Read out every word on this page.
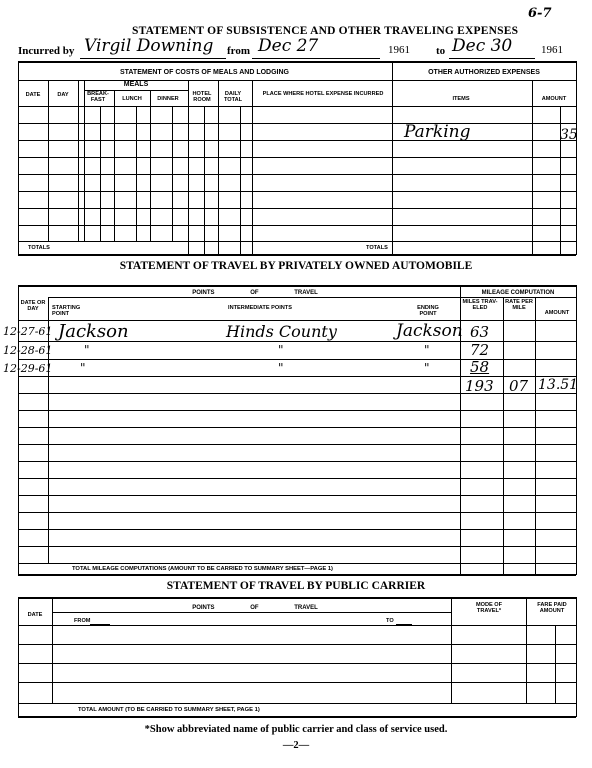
STATEMENT OF SUBSISTENCE AND OTHER TRAVELING EXPENSES
6-7
Incurred by Virgil Downing from Dec 27	1961 to Dec 30	1961
STATEMENT OF COSTS OF MEALS AND LODGING	OTHER AUTHORIZED EXPENSES
MEALS
DATE	DAY	BREAK-FAST	LUNCH	DINNER
HOTEL ROOM
DAILY TOTAL
PLACE WHERE HOTEL EXPENSE INCURRED
ITEMS	AMOUNT
TOTALS	TOTALS
Parking	35
STATEMENT OF TRAVEL BY PRIVATELY OWNED AUTOMOBILE
POINTS OF TRAVEL	MILEAGE COMPUTATION
DATE OR DAY	STARTING POINT
INTERMEDIATE POINTS	ENDING POINT
MILES TRAV-ELED
RATE PER MILE
AMOUNT
TOTAL MILEAGE COMPUTATIONS (AMOUNT TO BE CARRIED TO SUMMARY SHEET—PAGE 1)
12-27-61 Jackson	Hinds County	Jackson 63
12-28-61	"	"	"	72
12-29-61 "	"	"	58
193 07 13.51
STATEMENT OF TRAVEL BY PUBLIC CARRIER
DATE
POINTS OF TRAVEL
FROM	TO
MODE OF TRAVEL*
FARE PAID AMOUNT
TOTAL AMOUNT (TO BE CARRIED TO SUMMARY SHEET, PAGE 1)
*Show abbreviated name of public carrier and class of service used.
—2—
